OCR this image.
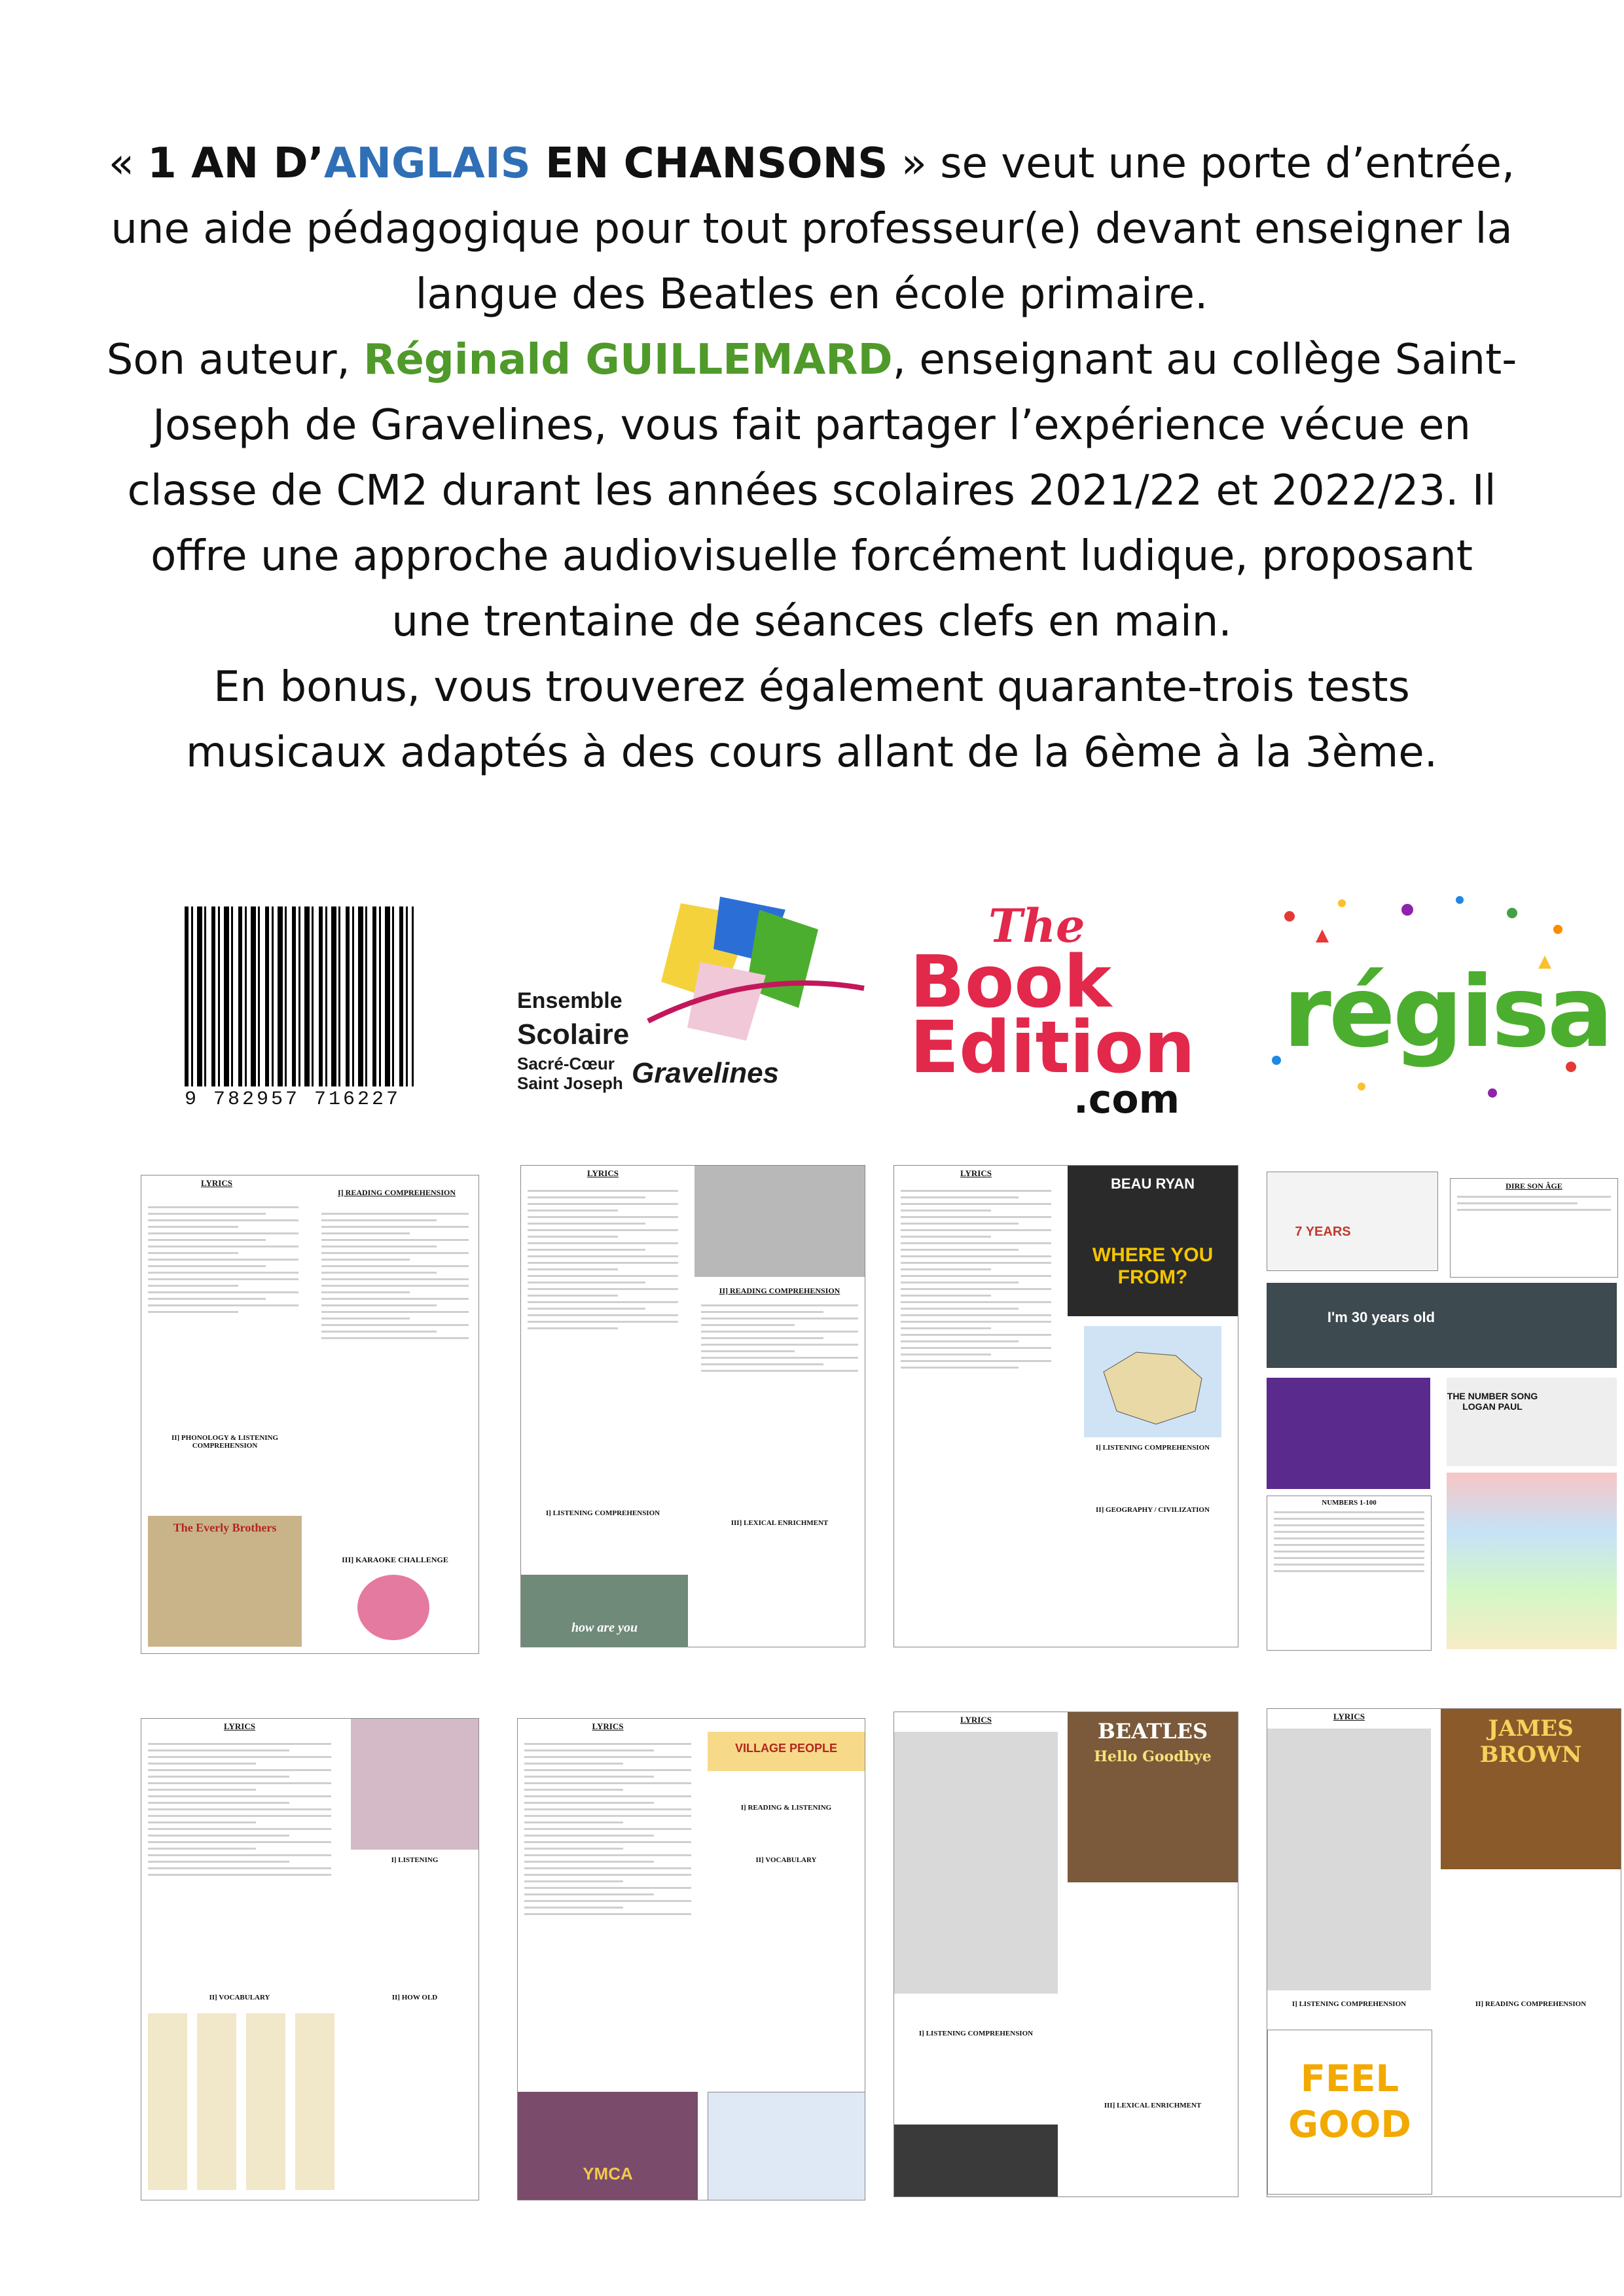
« 1 AN D’ANGLAIS EN CHANSONS » se veut une porte d’entrée,
une aide pédagogique pour tout professeur(e) devant enseigner la
langue des Beatles en école primaire.
Son auteur, Réginald GUILLEMARD, enseignant au collège Saint-
Joseph de Gravelines, vous fait partager l’expérience vécue en
classe de CM2 durant les années scolaires 2021/22 et 2022/23. Il
offre une approche audiovisuelle forcément ludique, proposant
une trentaine de séances clefs en main.
En bonus, vous trouverez également quarante-trois tests
musicaux adaptés à des cours allant de la 6ème à la 3ème.
9 782957 716227
Ensemble
Scolaire
Sacré-Cœur
Saint Joseph Gravelines
The
Book
Edition
.com
régisa
LYRICS
I] READING COMPREHENSION
II] PHONOLOGY & LISTENING COMPREHENSION
The Everly Brothers
III] KARAOKE CHALLENGE
LYRICS
II] READING COMPREHENSION
I] LISTENING COMPREHENSION
III] LEXICAL ENRICHMENT
how are you
LYRICS
BEAU RYAN
WHERE YOU FROM?
I] LISTENING COMPREHENSION
II] GEOGRAPHY / CIVILIZATION
7 YEARS
DIRE SON ÂGE
I'm 30 years old
THE NUMBER SONG LOGAN PAUL
NUMBERS 1-100
LYRICS
I] LISTENING
II] VOCABULARY	II] HOW OLD
LYRICS
VILLAGE PEOPLE
I] READING & LISTENING
II] VOCABULARY
YMCA
LYRICS	BEATLES
Hello Goodbye
I] LISTENING COMPREHENSION
III] LEXICAL ENRICHMENT
LYRICS	JAMES BROWN
I] LISTENING COMPREHENSION	II] READING COMPREHENSION
FEEL GOOD
